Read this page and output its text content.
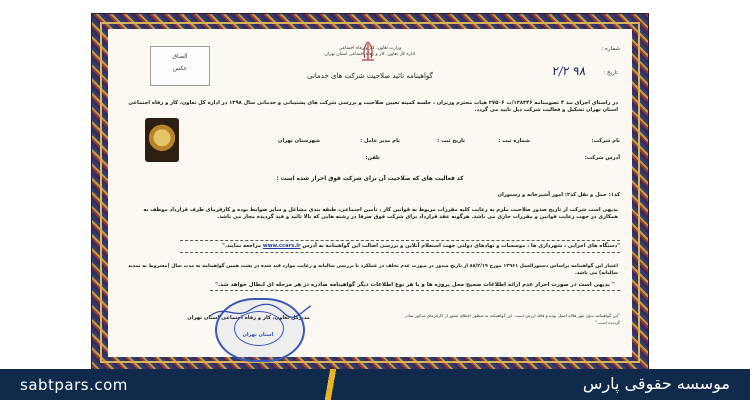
الصاق
عکس
وزارت تعاون، کار و رفاه اجتماعی
اداره کل تعاون، کار و رفاه اجتماعی استان تهران
گواهینامه تائید صلاحیت شرکت های خدماتی
شماره :
تاریخ :
۲/۲ ۹۸
در راستای اجرای بند ۴ تصویبنامه ۱۳۸۳۴۶/ت ۲۷۵۰۶ هیات محترم وزیران ، جلسه کمیته تعیین صلاحیت و بررسی شرکت های پشتیبانی و خدماتی سال ۱۳۹۸ در اداره کل تعاون، کار و رفاه اجتماعی استان تهران تشکیل و فعالیت شرکت ذیل تایید می گردد.
نام شرکت:
شماره ثبت :
تاریخ ثبت :
نام مدیر عامل :
شهرستان تهران
آدرس شرکت:
تلفن:
کد فعالیت های که صلاحیت آن برای شرکت فوق احراز شده است :
کد۱: حمل و نقل کد۲: امور آشپزخانه و رستوران
بدیهی است شرکت از تاریخ صدور صلاحیت ملزم به رعایت کلیه مقررات مربوط به قوانین کار ، تامین اجتماعی، طبقه بندی مشاغل و سایر ضوابط بوده و کارفرمای طرف قرارداد موظف به همکاری در جهت رعایت قوانین و مقررات جاری می باشد. هرگونه عقد قرارداد برای شرکت فوق صرفا در رشته هایی که بالا تائید و قید گردیده مجاز می باشد.
"دستگاه های اجرایی ، شهرداری ها ، موسسات و نهادهای دولتی جهت استعلام آنلاین و بررسی اصالت این گواهینامه به آدرس www.ccars.ir مراجعه نمایند."
اعتبار این گواهینامه براساس دستورالعمل ۱۲۹۶۱ مورخ ۸۸/۲/۱۹ از تاریخ صدور در صورت عدم تخلف در عملکرد با بررسی سالیانه و رعایت موارد قید شده در پشت همین گواهینامه به مدت سال (مشروط به تمدید سالیانه) می باشد.
" بدیهی است در صورت احراز عدم ارائه اطلاعات صحیح محل پروژه ها و یا هر نوع اطلاعات دیگر گواهینامه صادره در هر مرحله ای ابطال خواهد شد."
مدیرکل تعاون، کار و رفاه اجتماعی استان تهران	"این گواهینامه بدون مهر هلاله اصیل بوده و فاقد ارزش است. این گواهینامه به منظور اعطای مجوز از کارفرمای مذکور صادر گردیده است."
استان تهران
sabtpars.com	موسسه حقوقی پارس
